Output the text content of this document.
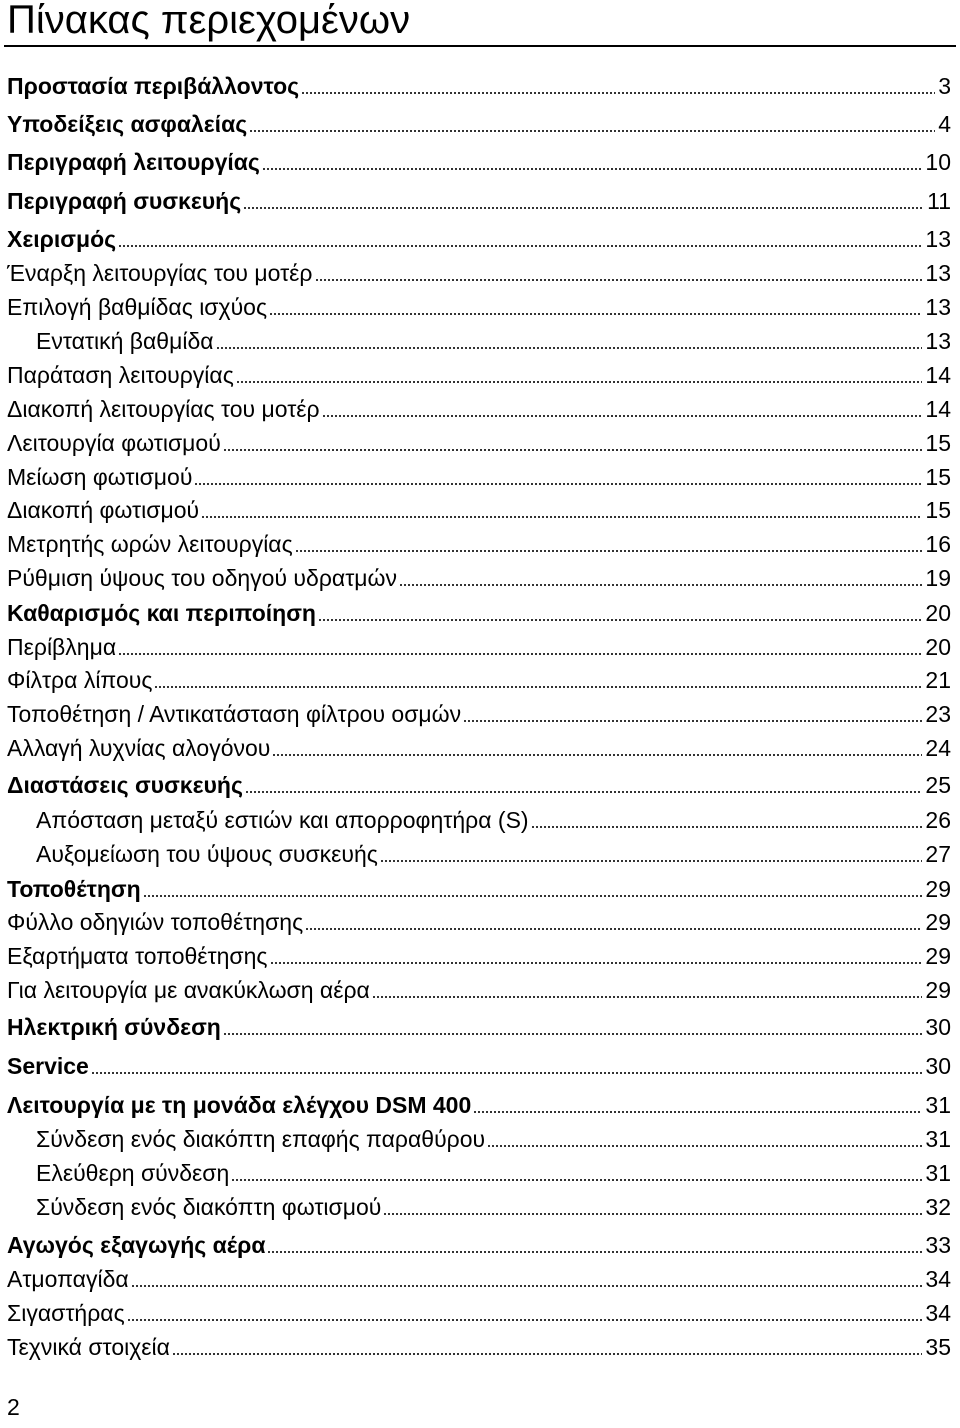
Πίνακας περιεχομένων
Προστασία περιβάλλοντος	3
Υποδείξεις ασφαλείας	4
Περιγραφή λειτουργίας	10
Περιγραφή συσκευής	11
Χειρισμός	13
Έναρξη λειτουργίας του μοτέρ	13
Επιλογή βαθμίδας ισχύος	13
Εντατική βαθμίδα	13
Παράταση λειτουργίας	14
Διακοπή λειτουργίας του μοτέρ	14
Λειτουργία φωτισμού	15
Μείωση φωτισμού	15
Διακοπή φωτισμού	15
Μετρητής ωρών λειτουργίας	16
Ρύθμιση ύψους του οδηγού υδρατμών	19
Καθαρισμός και περιποίηση	20
Περίβλημα	20
Φίλτρα λίπους	21
Τοποθέτηση / Αντικατάσταση φίλτρου οσμών	23
Αλλαγή λυχνίας αλογόνου	24
Διαστάσεις συσκευής	25
Απόσταση μεταξύ εστιών και απορροφητήρα (S)	26
Αυξομείωση του ύψους συσκευής	27
Τοποθέτηση	29
Φύλλο οδηγιών τοποθέτησης	29
Εξαρτήματα τοποθέτησης	29
Για λειτουργία με ανακύκλωση αέρα	29
Ηλεκτρική σύνδεση	30
Service	30
Λειτουργία με τη μονάδα ελέγχου DSM 400	31
Σύνδεση ενός διακόπτη επαφής παραθύρου	31
Ελεύθερη σύνδεση	31
Σύνδεση ενός διακόπτη φωτισμού	32
Αγωγός εξαγωγής αέρα	33
Ατμοπαγίδα	34
Σιγαστήρας	34
Τεχνικά στοιχεία	35
2
